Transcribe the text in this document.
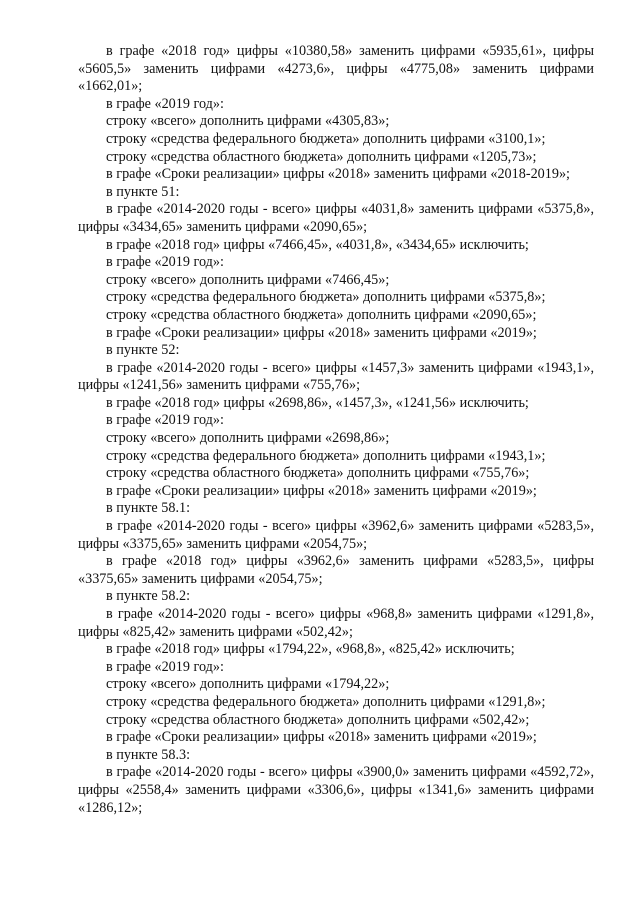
в графе «2018 год» цифры «10380,58» заменить цифрами «5935,61», цифры «5605,5» заменить цифрами «4273,6», цифры «4775,08» заменить цифрами «1662,01»;

в графе «2019 год»:

строку «всего» дополнить цифрами «4305,83»;

строку «средства федерального бюджета» дополнить цифрами «3100,1»;

строку «средства областного бюджета» дополнить цифрами «1205,73»;

в графе «Сроки реализации» цифры «2018» заменить цифрами «2018-2019»;

в пункте 51:

в графе «2014-2020 годы - всего» цифры «4031,8» заменить цифрами «5375,8», цифры «3434,65» заменить цифрами «2090,65»;

в графе «2018 год» цифры «7466,45», «4031,8», «3434,65» исключить;

в графе «2019 год»:

строку «всего» дополнить цифрами «7466,45»;

строку «средства федерального бюджета» дополнить цифрами «5375,8»;

строку «средства областного бюджета» дополнить цифрами «2090,65»;

в графе «Сроки реализации» цифры «2018» заменить цифрами «2019»;

в пункте 52:

в графе «2014-2020 годы - всего» цифры «1457,3» заменить цифрами «1943,1», цифры «1241,56» заменить цифрами «755,76»;

в графе «2018 год» цифры «2698,86», «1457,3», «1241,56» исключить;

в графе «2019 год»:

строку «всего» дополнить цифрами «2698,86»;

строку «средства федерального бюджета» дополнить цифрами «1943,1»;

строку «средства областного бюджета» дополнить цифрами «755,76»;

в графе «Сроки реализации» цифры «2018» заменить цифрами «2019»;

в пункте 58.1:

в графе «2014-2020 годы - всего» цифры «3962,6» заменить цифрами «5283,5», цифры «3375,65» заменить цифрами «2054,75»;

в графе «2018 год» цифры «3962,6» заменить цифрами «5283,5», цифры «3375,65» заменить цифрами «2054,75»;

в пункте 58.2:

в графе «2014-2020 годы - всего» цифры «968,8» заменить цифрами «1291,8», цифры «825,42» заменить цифрами «502,42»;

в графе «2018 год» цифры «1794,22», «968,8», «825,42» исключить;

в графе «2019 год»:

строку «всего» дополнить цифрами «1794,22»;

строку «средства федерального бюджета» дополнить цифрами «1291,8»;

строку «средства областного бюджета» дополнить цифрами «502,42»;

в графе «Сроки реализации» цифры «2018» заменить цифрами «2019»;

в пункте 58.3:

в графе «2014-2020 годы - всего» цифры «3900,0» заменить цифрами «4592,72», цифры «2558,4» заменить цифрами «3306,6», цифры «1341,6» заменить цифрами «1286,12»;
